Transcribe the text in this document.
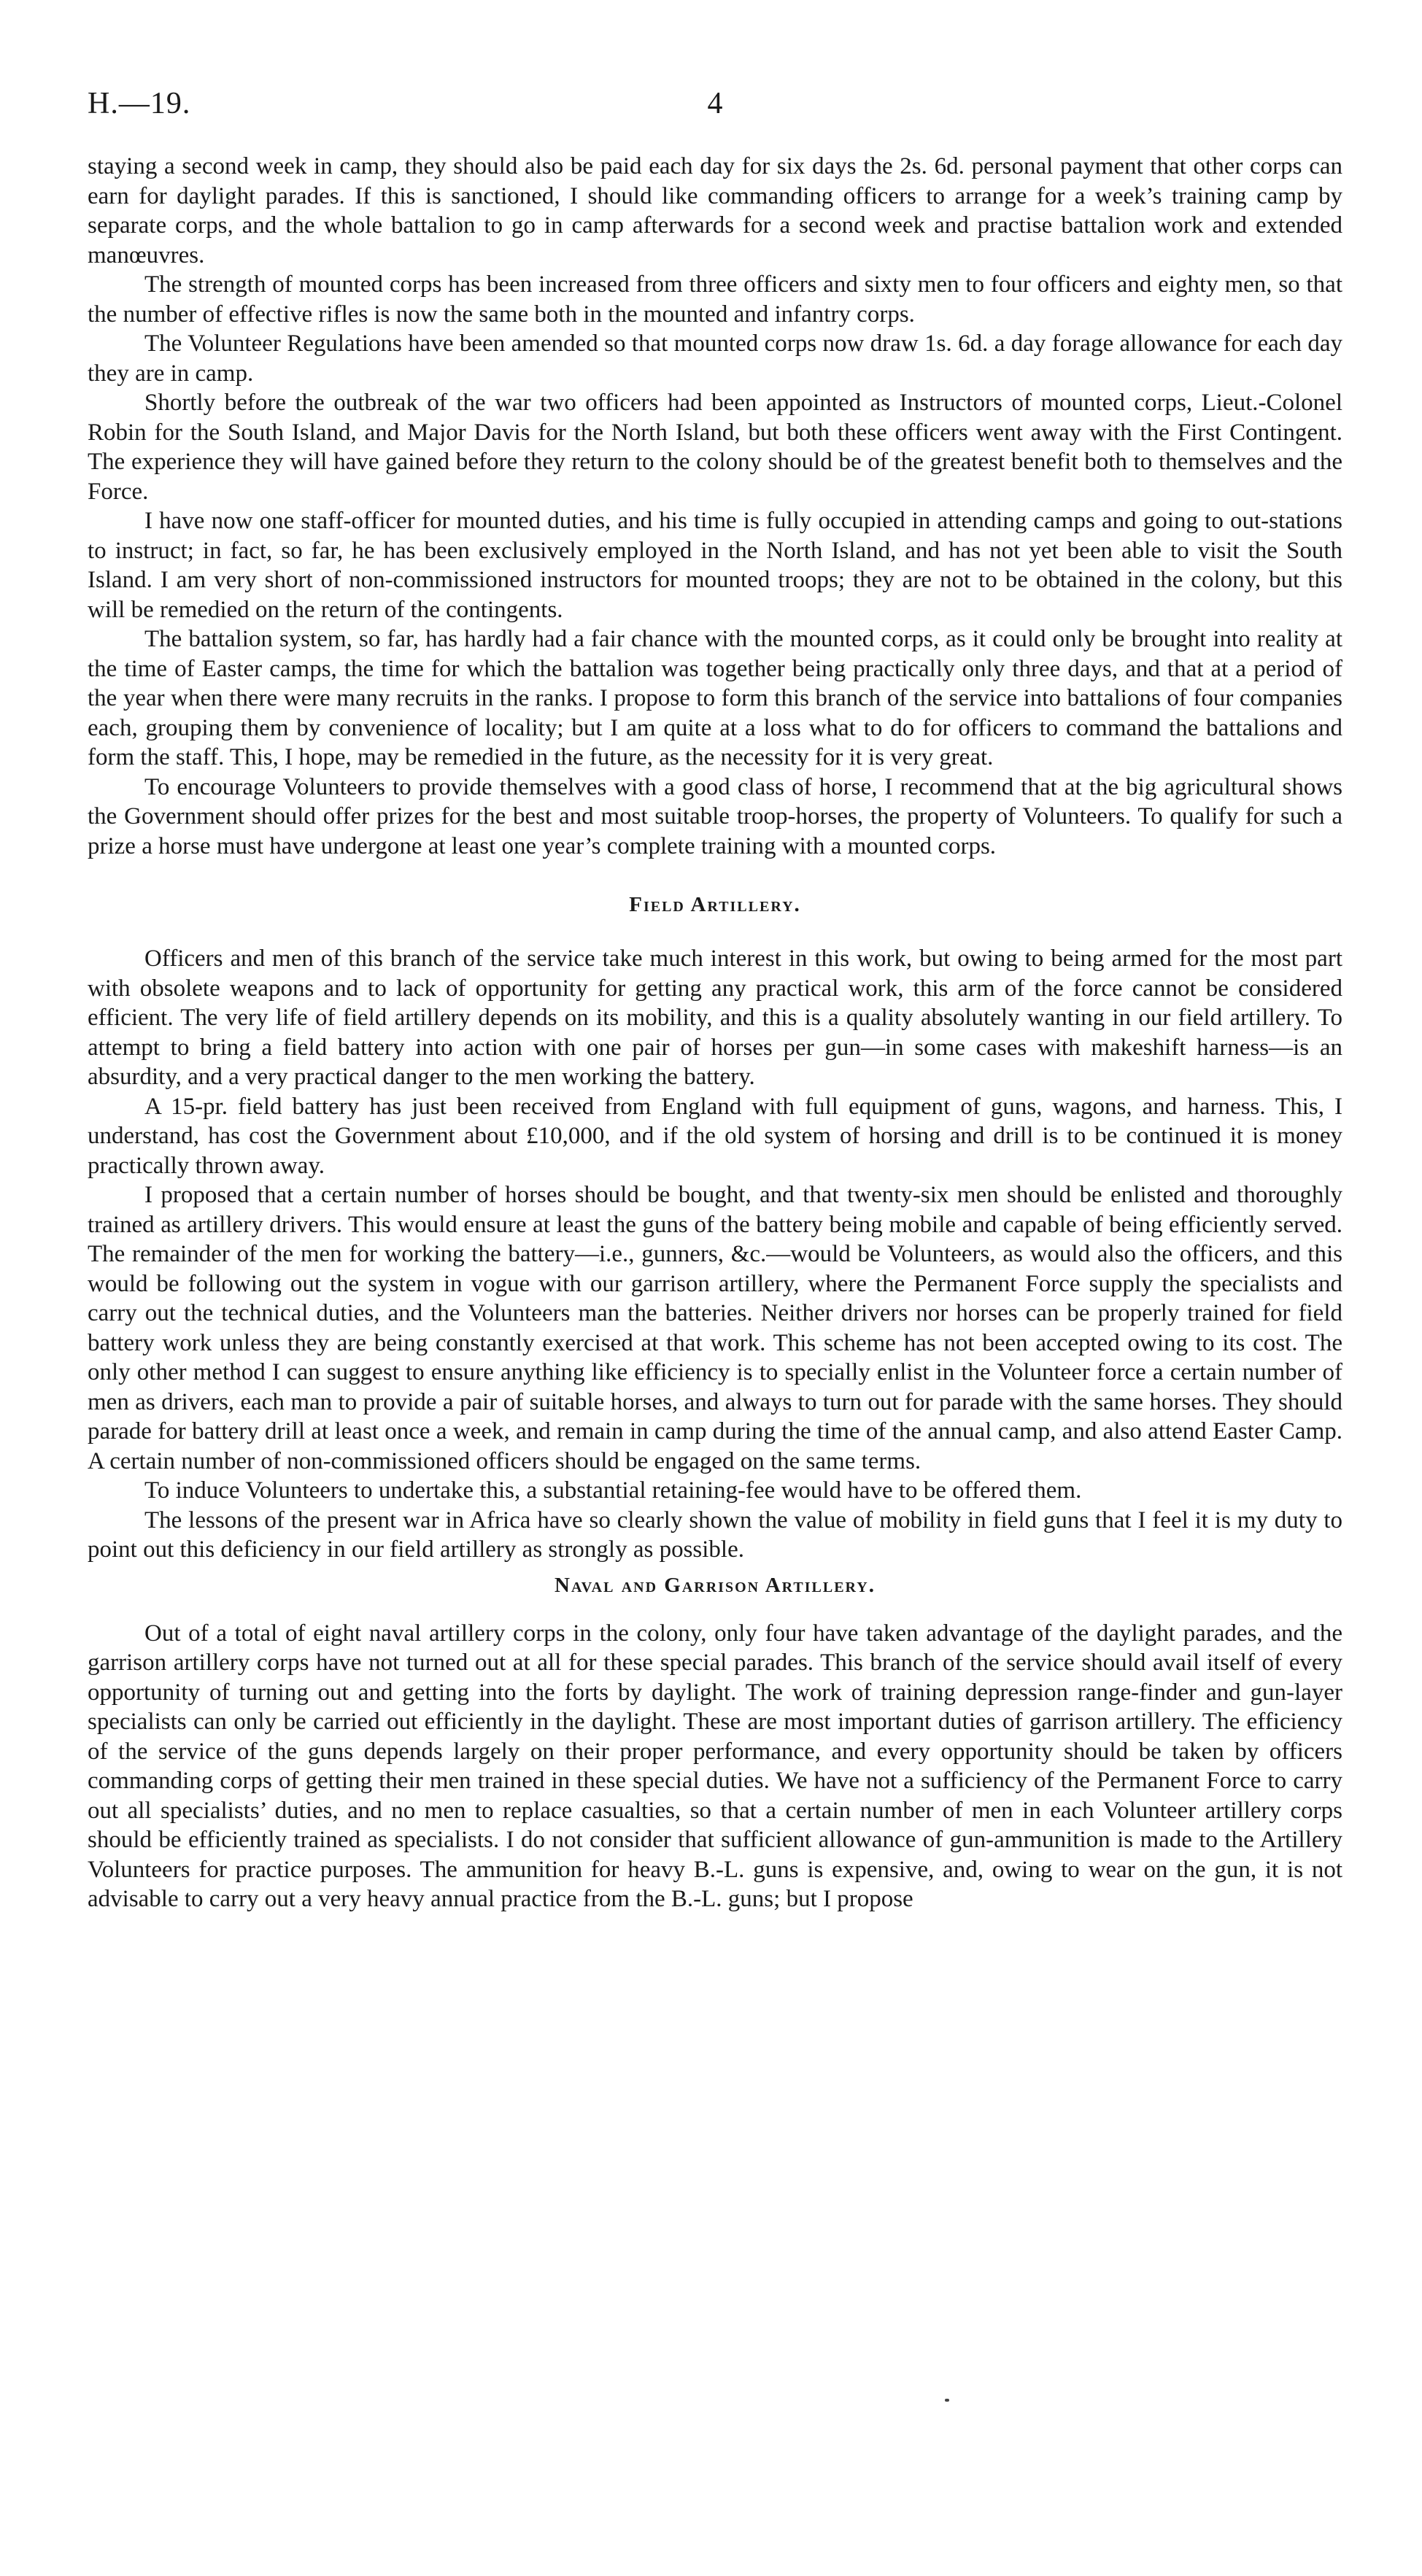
H.—19.	4

staying a second week in camp, they should also be paid each day for six days the 2s. 6d. personal payment that other corps can earn for daylight parades. If this is sanctioned, I should like commanding officers to arrange for a week’s training camp by separate corps, and the whole battalion to go in camp afterwards for a second week and practise battalion work and extended manœuvres.

The strength of mounted corps has been increased from three officers and sixty men to four officers and eighty men, so that the number of effective rifles is now the same both in the mounted and infantry corps.

The Volunteer Regulations have been amended so that mounted corps now draw 1s. 6d. a day forage allowance for each day they are in camp.

Shortly before the outbreak of the war two officers had been appointed as Instructors of mounted corps, Lieut.-Colonel Robin for the South Island, and Major Davis for the North Island, but both these officers went away with the First Contingent. The experience they will have gained before they return to the colony should be of the greatest benefit both to themselves and the Force.

I have now one staff-officer for mounted duties, and his time is fully occupied in attending camps and going to out-stations to instruct; in fact, so far, he has been exclusively employed in the North Island, and has not yet been able to visit the South Island. I am very short of non-commissioned instructors for mounted troops; they are not to be obtained in the colony, but this will be remedied on the return of the contingents.

The battalion system, so far, has hardly had a fair chance with the mounted corps, as it could only be brought into reality at the time of Easter camps, the time for which the battalion was together being practically only three days, and that at a period of the year when there were many recruits in the ranks. I propose to form this branch of the service into battalions of four companies each, grouping them by convenience of locality; but I am quite at a loss what to do for officers to command the battalions and form the staff. This, I hope, may be remedied in the future, as the necessity for it is very great.

To encourage Volunteers to provide themselves with a good class of horse, I recommend that at the big agricultural shows the Government should offer prizes for the best and most suitable troop-horses, the property of Volunteers. To qualify for such a prize a horse must have undergone at least one year’s complete training with a mounted corps.

Field Artillery.

Officers and men of this branch of the service take much interest in this work, but owing to being armed for the most part with obsolete weapons and to lack of opportunity for getting any practical work, this arm of the force cannot be considered efficient. The very life of field artillery depends on its mobility, and this is a quality absolutely wanting in our field artillery. To attempt to bring a field battery into action with one pair of horses per gun—in some cases with makeshift harness—is an absurdity, and a very practical danger to the men working the battery.

A 15-pr. field battery has just been received from England with full equipment of guns, wagons, and harness. This, I understand, has cost the Government about £10,000, and if the old system of horsing and drill is to be continued it is money practically thrown away.

I proposed that a certain number of horses should be bought, and that twenty-six men should be enlisted and thoroughly trained as artillery drivers. This would ensure at least the guns of the battery being mobile and capable of being efficiently served. The remainder of the men for working the battery—i.e., gunners, &c.—would be Volunteers, as would also the officers, and this would be following out the system in vogue with our garrison artillery, where the Permanent Force supply the specialists and carry out the technical duties, and the Volunteers man the batteries. Neither drivers nor horses can be properly trained for field battery work unless they are being constantly exercised at that work. This scheme has not been accepted owing to its cost. The only other method I can suggest to ensure anything like efficiency is to specially enlist in the Volunteer force a certain number of men as drivers, each man to provide a pair of suitable horses, and always to turn out for parade with the same horses. They should parade for battery drill at least once a week, and remain in camp during the time of the annual camp, and also attend Easter Camp. A certain number of non-commissioned officers should be engaged on the same terms.

To induce Volunteers to undertake this, a substantial retaining-fee would have to be offered them.

The lessons of the present war in Africa have so clearly shown the value of mobility in field guns that I feel it is my duty to point out this deficiency in our field artillery as strongly as possible.

Naval and Garrison Artillery.

Out of a total of eight naval artillery corps in the colony, only four have taken advantage of the daylight parades, and the garrison artillery corps have not turned out at all for these special parades. This branch of the service should avail itself of every opportunity of turning out and getting into the forts by daylight. The work of training depression range-finder and gun-layer specialists can only be carried out efficiently in the daylight. These are most important duties of garrison artillery. The efficiency of the service of the guns depends largely on their proper performance, and every opportunity should be taken by officers commanding corps of getting their men trained in these special duties. We have not a sufficiency of the Permanent Force to carry out all specialists’ duties, and no men to replace casualties, so that a certain number of men in each Volunteer artillery corps should be efficiently trained as specialists. I do not consider that sufficient allowance of gun-ammunition is made to the Artillery Volunteers for practice purposes. The ammunition for heavy B.-L. guns is expensive, and, owing to wear on the gun, it is not advisable to carry out a very heavy annual practice from the B.-L. guns; but I propose
